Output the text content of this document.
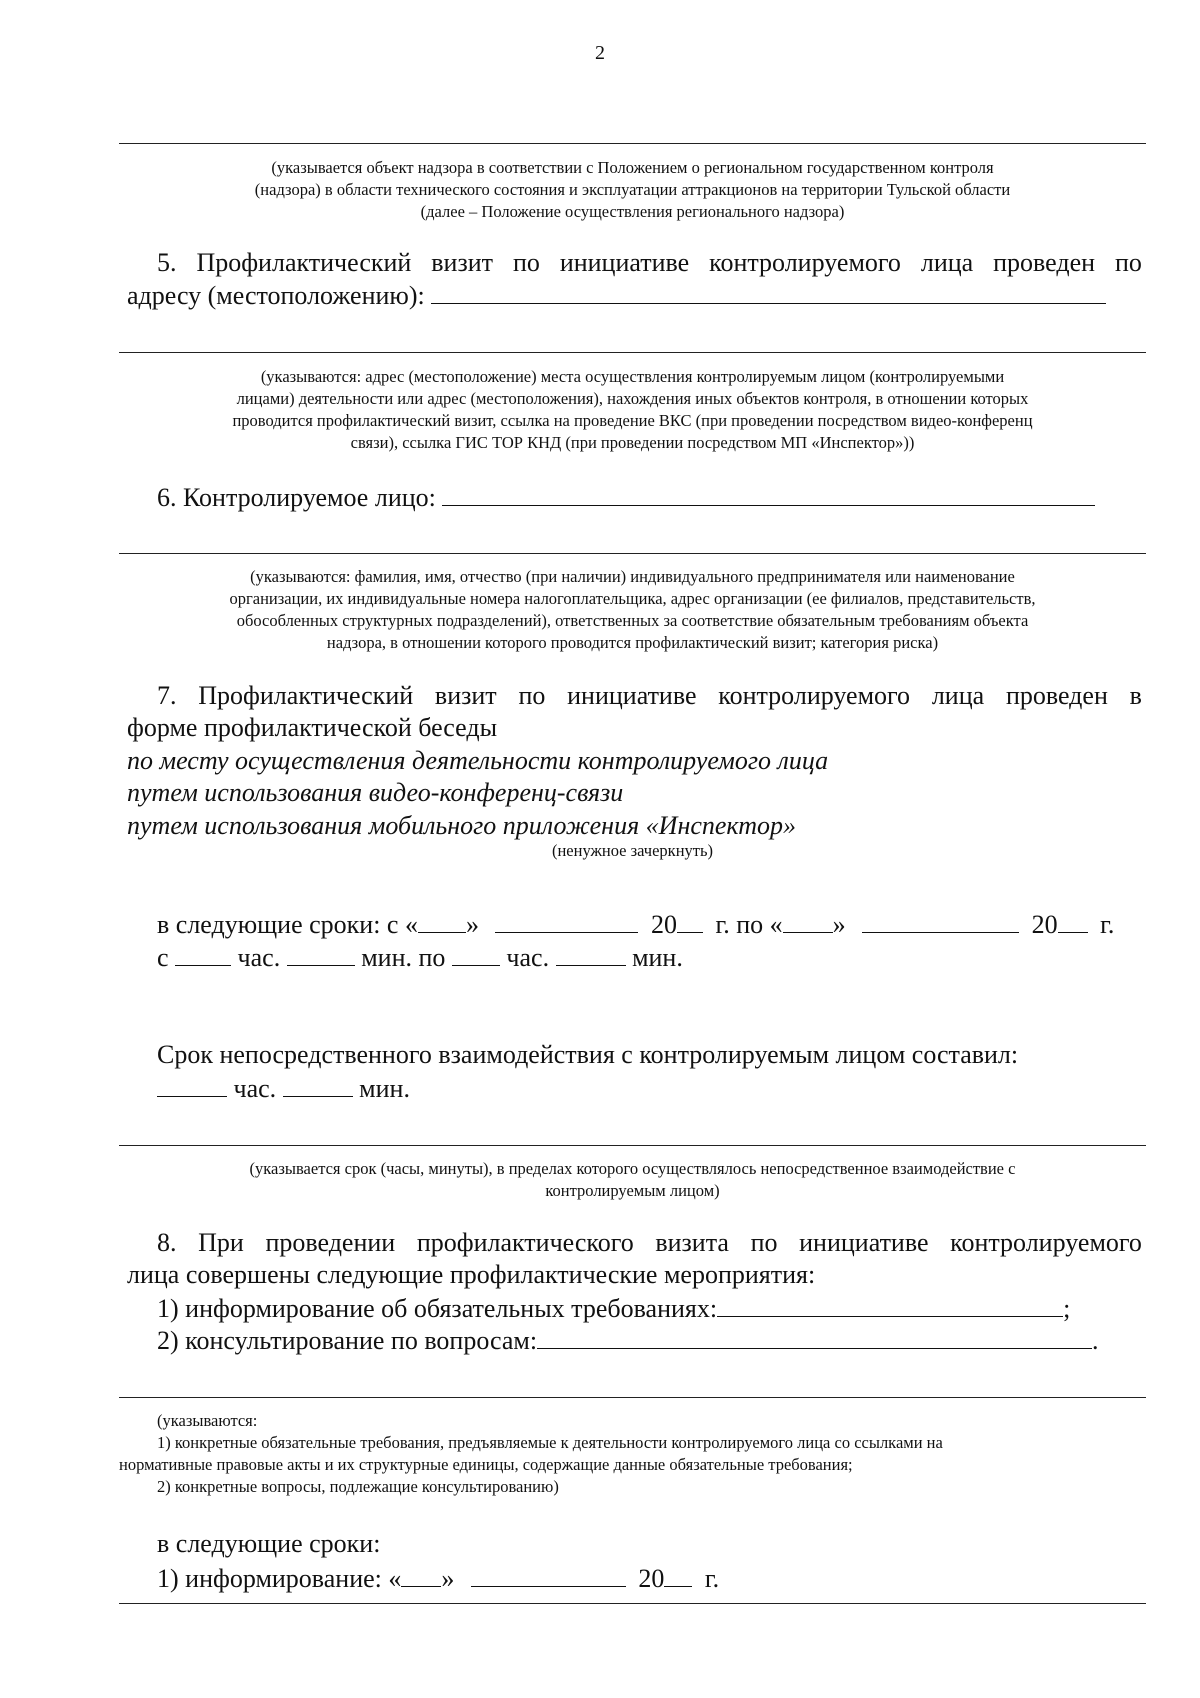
2
(указывается объект надзора в соответствии с Положением о региональном государственном контроля
(надзора) в области технического состояния и эксплуатации аттракционов на территории Тульской области
(далее – Положение осуществления регионального надзора)
5. Профилактический визит по инициативе контролируемого лица проведен по
адресу (местоположению):
(указываются: адрес (местоположение) места осуществления контролируемым лицом (контролируемыми
лицами) деятельности или адрес (местоположения), нахождения иных объектов контроля, в отношении которых
проводится профилактический визит, ссылка на проведение ВКС (при проведении посредством видео-конференц
связи), ссылка ГИС ТОР КНД (при проведении посредством МП «Инспектор»))
6. Контролируемое лицо:
(указываются: фамилия, имя, отчество (при наличии) индивидуального предпринимателя или наименование
организации, их индивидуальные номера налогоплательщика, адрес организации (ее филиалов, представительств,
обособленных структурных подразделений), ответственных за соответствие обязательным требованиям объекта
надзора, в отношении которого проводится профилактический визит; категория риска)
7. Профилактический визит по инициативе контролируемого лица проведен в
форме профилактической беседы
по месту осуществления деятельности контролируемого лица
путем использования видео-конференц-связи
путем использования мобильного приложения «Инспектор»
(ненужное зачеркнуть)
в следующие сроки: с « »	20 г. по « »	20 г.
с	час.	мин. по час.	мин.
Срок непосредственного взаимодействия с контролируемым лицом составил:
час.	мин.
(указывается срок (часы, минуты), в пределах которого осуществлялось непосредственное взаимодействие с
контролируемым лицом)
8. При проведении профилактического визита по инициативе контролируемого
лица совершены следующие профилактические мероприятия:
1) информирование об обязательных требованиях:	;
2) консультирование по вопросам:	.
(указываются:
1) конкретные обязательные требования, предъявляемые к деятельности контролируемого лица со ссылками на
нормативные правовые акты и их структурные единицы, содержащие данные обязательные требования;
2) конкретные вопросы, подлежащие консультированию)
в следующие сроки:
1) информирование: « »	20 г.
